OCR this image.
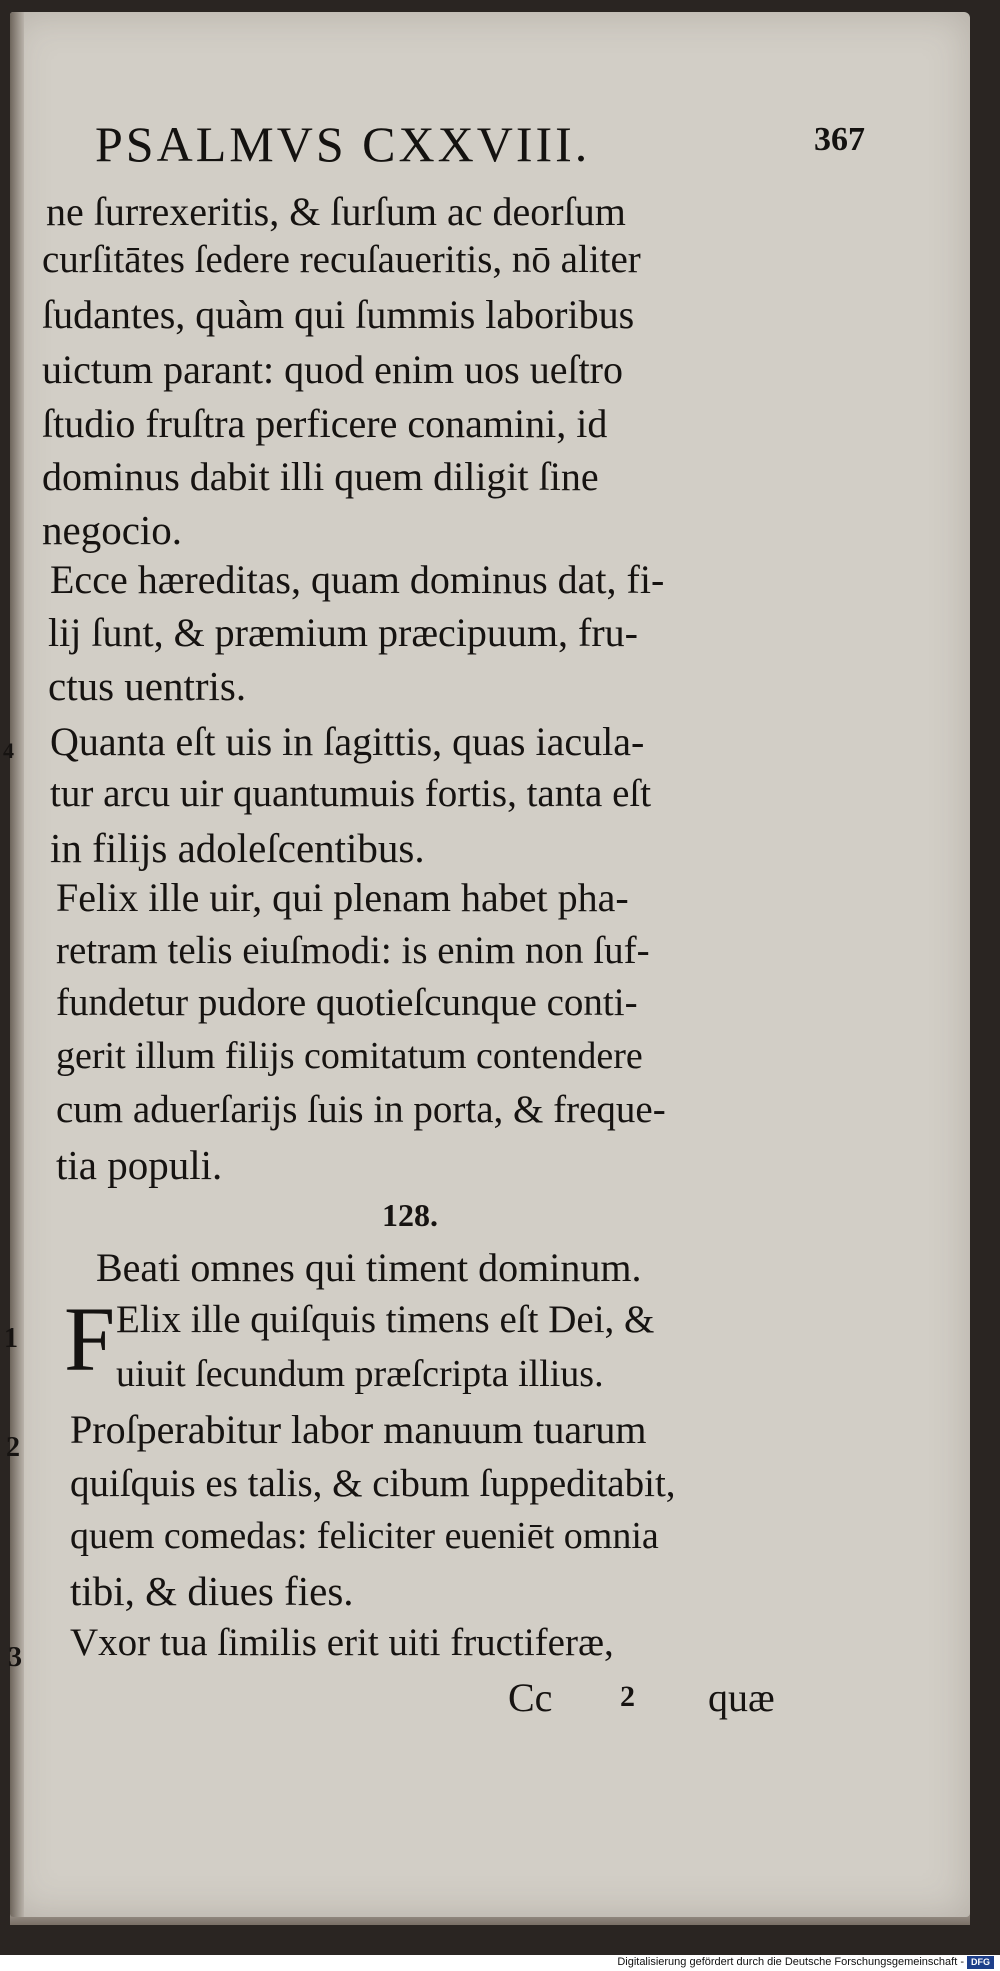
PSALMVS CXXVIII.	367
ne ſurrexeritis, & ſurſum ac deorſum
curſitātes ſedere recuſaueritis, nō aliter
ſudantes, quàm qui ſummis laboribus
uictum parant: quod enim uos ueſtro
ſtudio fruſtra perficere conamini, id
dominus dabit illi quem diligit ſine
negocio.
Ecce hæreditas, quam dominus dat, fi-
lij ſunt, & præmium præcipuum, fru-
ctus uentris.
4 Quanta eſt uis in ſagittis, quas iacula-
tur arcu uir quantumuis fortis, tanta eſt
in filijs adoleſcentibus.
Felix ille uir, qui plenam habet pha-
retram telis eiuſmodi: is enim non ſuf-
fundetur pudore quotieſcunque conti-
gerit illum filijs comitatum contendere
cum aduerſarijs ſuis in porta, & freque-
tia populi.
128.
Beati omnes qui timent dominum.
1 F Elix ille quiſquis timens eſt Dei, &
uiuit ſecundum præſcripta illius.
2 Proſperabitur labor manuum tuarum
quiſquis es talis, & cibum ſuppeditabit,
quem comedas: feliciter eueniēt omnia
tibi, & diues fies.
3 Vxor tua ſimilis erit uiti fructiferæ,
Cc 2 quæ
Digitalisierung gefördert durch die Deutsche Forschungsgemeinschaft - DFG
